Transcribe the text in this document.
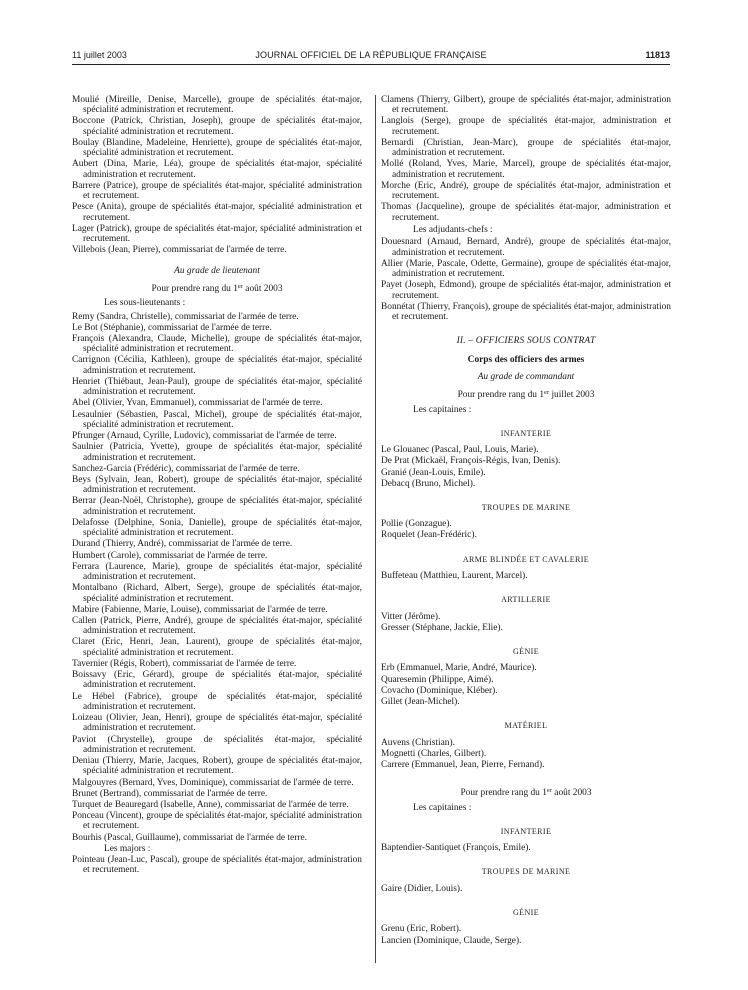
11 juillet 2003	JOURNAL OFFICIEL DE LA RÉPUBLIQUE FRANÇAISE	11813

Moulié (Mireille, Denise, Marcelle), groupe de spécialités état-major, spécialité administration et recrutement.

Boccone (Patrick, Christian, Joseph), groupe de spécialités état-major, spécialité administration et recrutement.

Boulay (Blandine, Madeleine, Henriette), groupe de spécialités état-major, spécialité administration et recrutement.

Aubert (Dina, Marie, Léa), groupe de spécialités état-major, spécialité administration et recrutement.

Barrere (Patrice), groupe de spécialités état-major, spécialité administration et recrutement.

Pesce (Anita), groupe de spécialités état-major, spécialité administration et recrutement.

Lager (Patrick), groupe de spécialités état-major, spécialité administration et recrutement.

Villebois (Jean, Pierre), commissariat de l'armée de terre.

Au grade de lieutenant
Pour prendre rang du 1er août 2003
Les sous-lieutenants :

Remy (Sandra, Christelle), commissariat de l'armée de terre.

Le Bot (Stéphanie), commissariat de l'armée de terre.

François (Alexandra, Claude, Michelle), groupe de spécialités état-major, spécialité administration et recrutement.

Carrignon (Cécilia, Kathleen), groupe de spécialités état-major, spécialité administration et recrutement.

Henriet (Thiébaut, Jean-Paul), groupe de spécialités état-major, spécialité administration et recrutement.

Abel (Olivier, Yvan, Emmanuel), commissariat de l'armée de terre.

Lesaulnier (Sébastien, Pascal, Michel), groupe de spécialités état-major, spécialité administration et recrutement.

Pfrunger (Arnaud, Cyrille, Ludovic), commissariat de l'armée de terre.

Saulnier (Patricia, Yvette), groupe de spécialités état-major, spécialité administration et recrutement.

Sanchez-Garcia (Frédéric), commissariat de l'armée de terre.

Beys (Sylvain, Jean, Robert), groupe de spécialités état-major, spécialité administration et recrutement.

Berrar (Jean-Noël, Christophe), groupe de spécialités état-major, spécialité administration et recrutement.

Delafosse (Delphine, Sonia, Danielle), groupe de spécialités état-major, spécialité administration et recrutement.

Durand (Thierry, André), commissariat de l'armée de terre.

Humbert (Carole), commissariat de l'armée de terre.

Ferrara (Laurence, Marie), groupe de spécialités état-major, spécialité administration et recrutement.

Montalbano (Richard, Albert, Serge), groupe de spécialités état-major, spécialité administration et recrutement.

Mabire (Fabienne, Marie, Louise), commissariat de l'armée de terre.

Callen (Patrick, Pierre, André), groupe de spécialités état-major, spécialité administration et recrutement.

Claret (Eric, Henri, Jean, Laurent), groupe de spécialités état-major, spécialité administration et recrutement.

Tavernier (Régis, Robert), commissariat de l'armée de terre.

Boissavy (Eric, Gérard), groupe de spécialités état-major, spécialité administration et recrutement.

Le Hébel (Fabrice), groupe de spécialités état-major, spécialité administration et recrutement.

Loizeau (Olivier, Jean, Henri), groupe de spécialités état-major, spécialité administration et recrutement.

Paviot (Chrystelle), groupe de spécialités état-major, spécialité administration et recrutement.

Deniau (Thierry, Marie, Jacques, Robert), groupe de spécialités état-major, spécialité administration et recrutement.

Malgouyres (Bernard, Yves, Dominique), commissariat de l'armée de terre.

Brunet (Bertrand), commissariat de l'armée de terre.

Turquet de Beauregard (Isabelle, Anne), commissariat de l'armée de terre.

Ponceau (Vincent), groupe de spécialités état-major, spécialité administration et recrutement.

Bourhis (Pascal, Guillaume), commissariat de l'armée de terre.

Les majors :

Pointeau (Jean-Luc, Pascal), groupe de spécialités état-major, administration et recrutement.

Clamens (Thierry, Gilbert), groupe de spécialités état-major, administration et recrutement.

Langlois (Serge), groupe de spécialités état-major, administration et recrutement.

Bernardi (Christian, Jean-Marc), groupe de spécialités état-major, administration et recrutement.

Mollé (Roland, Yves, Marie, Marcel), groupe de spécialités état-major, administration et recrutement.

Morche (Eric, André), groupe de spécialités état-major, administration et recrutement.

Thomas (Jacqueline), groupe de spécialités état-major, administration et recrutement.

Les adjudants-chefs :

Douesnard (Arnaud, Bernard, André), groupe de spécialités état-major, administration et recrutement.

Allier (Marie, Pascale, Odette, Germaine), groupe de spécialités état-major, administration et recrutement.

Payet (Joseph, Edmond), groupe de spécialités état-major, administration et recrutement.

Bonnétat (Thierry, François), groupe de spécialités état-major, administration et recrutement.

II. – OFFICIERS SOUS CONTRAT
Corps des officiers des armes
Au grade de commandant
Pour prendre rang du 1er juillet 2003
Les capitaines :
INFANTERIE

Le Glouanec (Pascal, Paul, Louis, Marie).

De Prat (Mickaël, François-Régis, Ivan, Denis).

Granié (Jean-Louis, Emile).

Debacq (Bruno, Michel).

TROUPES DE MARINE

Pollie (Gonzague).

Roquelet (Jean-Frédéric).

ARME BLINDÉE ET CAVALERIE

Buffeteau (Matthieu, Laurent, Marcel).

ARTILLERIE

Vitter (Jérôme).

Gresser (Stéphane, Jackie, Elie).

GÉNIE

Erb (Emmanuel, Marie, André, Maurice).

Quaresemin (Philippe, Aimé).

Covacho (Dominique, Kléber).

Gillet (Jean-Michel).

MATÉRIEL

Auvens (Christian).

Mognetti (Charles, Gilbert).

Carrere (Emmanuel, Jean, Pierre, Fernand).

Pour prendre rang du 1er août 2003
Les capitaines :
INFANTERIE

Baptendier-Santiquet (François, Emile).

TROUPES DE MARINE

Gaire (Didier, Louis).

GÉNIE

Grenu (Eric, Robert).

Lancien (Dominique, Claude, Serge).
